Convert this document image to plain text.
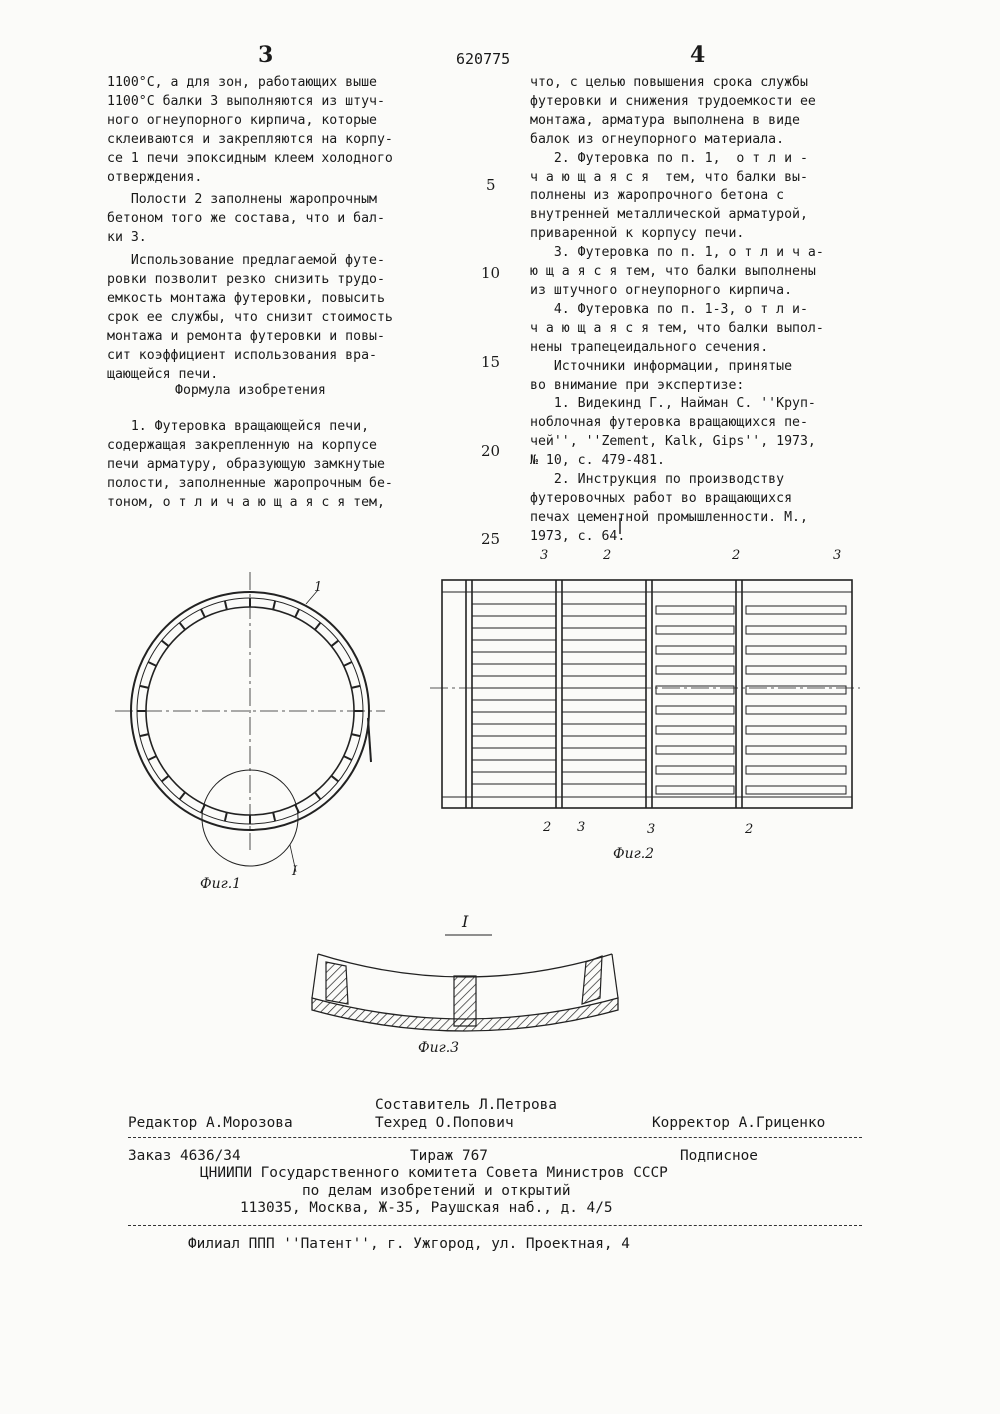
3	620775	4

1100°С, а для зон, работающих выше

1100°С балки 3 выполняются из штуч-

ного огнеупорного кирпича, которые

склеиваются и закрепляются на корпу-

се 1 печи эпоксидным клеем холодного

отверждения.

Полости 2 заполнены жаропрочным

бетоном того же состава, что и бал-

ки 3.

Использование предлагаемой футе-

ровки позволит резко снизить трудо-

емкость монтажа футеровки, повысить

срок ее службы, что снизит стоимость

монтажа и ремонта футеровки и повы-

сит коэффициент использования вра-

щающейся печи.

Формула изобретения

1. Футеровка вращающейся печи,

содержащая закрепленную на корпусе

печи арматуру, образующую замкнутые

полости, заполненные жаропрочным бе-

тоном, о т л и ч а ю щ а я с я тем,

5
10
15
20
25

что, с целью повышения срока службы

футеровки и снижения трудоемкости ее

монтажа, арматура выполнена в виде

балок из огнеупорного материала.

2. Футеровка по п. 1,  о т л и -

ч а ю щ а я с я  тем, что балки вы-

полнены из жаропрочного бетона с

внутренней металлической арматурой,

приваренной к корпусу печи.

3. Футеровка по п. 1, о т л и ч а-

ю щ а я с я тем, что балки выполнены

из штучного огнеупорного кирпича.

4. Футеровка по п. 1-3, о т л и-

ч а ю щ а я с я тем, что балки выпол-

нены трапецеидального сечения.

Источники информации, принятые

во внимание при экспертизе:

1. Видекинд Г., Найман С. ''Круп-

ноблочная футеровка вращающихся пе-

чей'', ''Zement, Kalk, Gips'', 1973,

№ 10, с. 479-481.

2. Инструкция по производству

футеровочных работ во вращающихся

печах цементной промышленности. М.,

1973, с. 64.

1
I
Фиг.1
3	2	2	3
2 3	3	2
Фиг.2
I
Фиг.3
Составитель Л.Петрова
Редактор А.Морозова	Техред О.Попович	Корректор А.Гриценко
Заказ 4636/34	Тираж 767	Подписное
ЦНИИПИ Государственного комитета Совета Министров СССР
по делам изобретений и открытий
113035, Москва, Ж-35, Раушская наб., д. 4/5
Филиал ППП ''Патент'', г. Ужгород, ул. Проектная, 4
